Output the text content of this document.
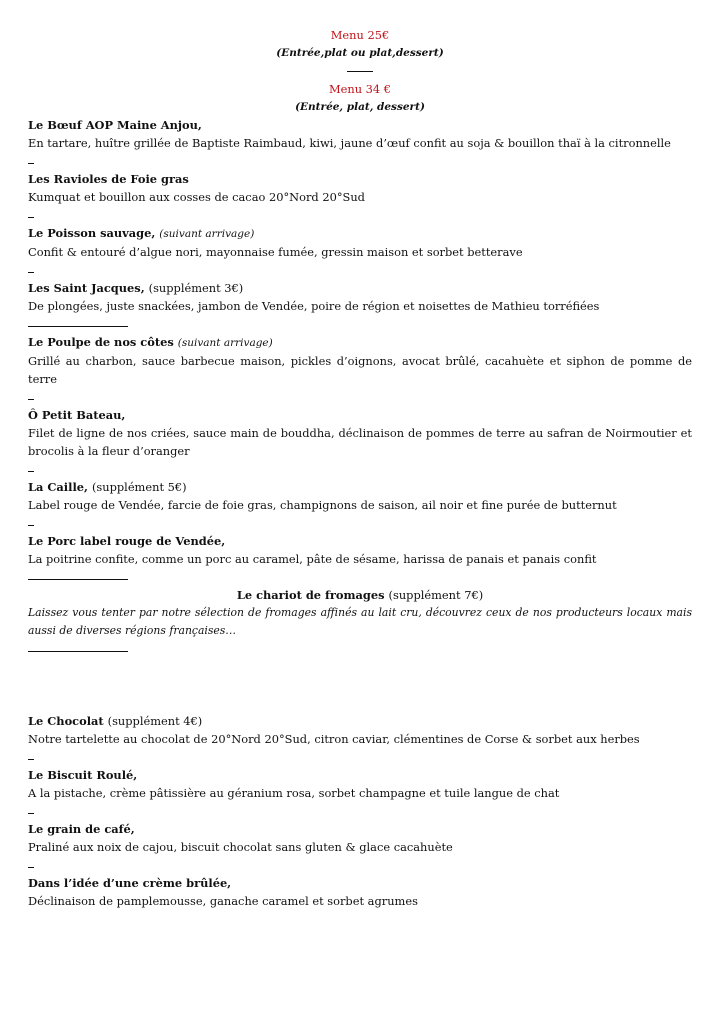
Menu 25€
(Entrée,plat ou plat,dessert)
Menu 34 €
(Entrée, plat, dessert)
Le Bœuf AOP Maine Anjou,
En tartare, huître grillée de Baptiste Raimbaud, kiwi, jaune d’œuf confit au soja & bouillon thaï à la citronnelle
Les Ravioles de Foie gras
Kumquat et bouillon aux cosses de cacao 20°Nord 20°Sud
Le Poisson sauvage, (suivant arrivage)
Confit & entouré d’algue nori, mayonnaise fumée, gressin maison et sorbet betterave
Les Saint Jacques, (supplément 3€)
De plongées, juste snackées, jambon de Vendée, poire de région et noisettes de Mathieu torréfiées
Le Poulpe de nos côtes (suivant arrivage)
Grillé au charbon, sauce barbecue maison, pickles d’oignons, avocat brûlé, cacahuète et siphon de pomme de terre
Ô Petit Bateau,
Filet de ligne de nos criées, sauce main de bouddha, déclinaison de pommes de terre au safran de Noirmoutier et brocolis à la fleur d’oranger
La Caille, (supplément 5€)
Label rouge de Vendée, farcie de foie gras, champignons de saison, ail noir et fine purée de butternut
Le Porc label rouge de Vendée,
La poitrine confite, comme un porc au caramel, pâte de sésame, harissa de panais et panais confit
Le chariot de fromages (supplément 7€)
Laissez vous tenter par notre sélection de fromages affinés au lait cru, découvrez ceux de nos producteurs locaux mais aussi de diverses régions françaises…
Le Chocolat (supplément 4€)
Notre tartelette au chocolat de 20°Nord 20°Sud, citron caviar, clémentines de Corse & sorbet aux herbes
Le Biscuit Roulé,
A la pistache, crème pâtissière au géranium rosa, sorbet champagne et tuile langue de chat
Le grain de café,
Praliné aux noix de cajou, biscuit chocolat sans gluten & glace cacahuète
Dans l’idée d’une crème brûlée,
Déclinaison de pamplemousse, ganache caramel et sorbet agrumes
